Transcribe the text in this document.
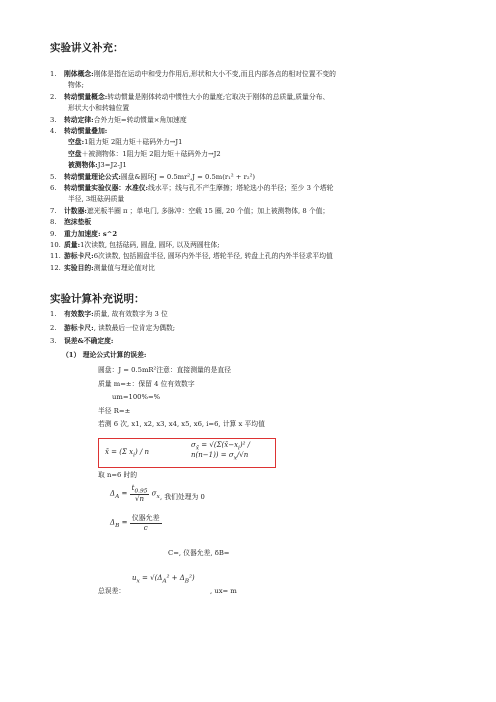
实验讲义补充：
1. 刚体概念:刚体是指在运动中和受力作用后,形状和大小不变,而且内部各点的相对位置不变的
物体;
2. 转动惯量概念:转动惯量是刚体转动中惯性大小的量度;它取决于刚体的总质量,质量分布、
形状大小和转轴位置
3. 转动定律:合外力矩=转动惯量×角加速度
4. 转动惯量叠加:
空盘:1阻力矩 2阻力矩＋砝码外力→J1
空盘＋被测物体：1阻力矩 2阻力矩＋砝码外力→J2
被测物体:J3=J2-J1
5. 转动惯量理论公式:圆盘&圆环J = 0.5mr²,J = 0.5m(r₁² + r₂²)
6. 转动惯量实验仪器：水准仪:线水平；线与孔不产生摩擦；塔轮选小的半径；至少 3 个塔轮
半径, 3组砝码质量
7. 计数器:遮光板半圈 π ；单电门, 多脉冲：空载 15 圈, 20 个值；加上被测物体, 8 个值；
8. 泡沫垫板
9. 重力加速度: s^2
10. 质量:1次读数, 包括砝码, 圆盘, 圆环, 以及两圆柱体;
11. 游标卡尺:6次读数, 包括圆盘半径, 圆环内外半径, 塔轮半径, 转盘上孔的内外半径求平均值
12. 实验目的:测量值与理论值对比
实验计算补充说明：
1. 有效数字:质量, 故有效数字为 3 位
2. 游标卡尺:, 读数最后一位肯定为偶数;
3. 误差&不确定度:
（1） 理论公式计算的误差:
圆盘：J = 0.5mR²注意：直接测量的是直径
质量 m=±：保留 4 位有效数字
um=100%=%
半径 R=±
若测 6 次, x1, x2, x3, x4, x5, x6, i=6, 计算 x 平均值
x̄ = (Σ $x_i$) / n
$\sigma_{x̄}$ = $√(\Sigma(x̄-x_i)^2 / n(n-1)) = \sigma_x/√n$
取 n=6 时的
$\Delta_A = \frac{t_{0.95}}{√n} \sigma_x$ , 我们处理为 0
$\Delta_B = \frac{\text{仪器允差}}{c}$
C=, 仪器允差, δB=
总误差：
$u_x = √(\Delta_A^2 + \Delta_B^2)$
, ux= m
